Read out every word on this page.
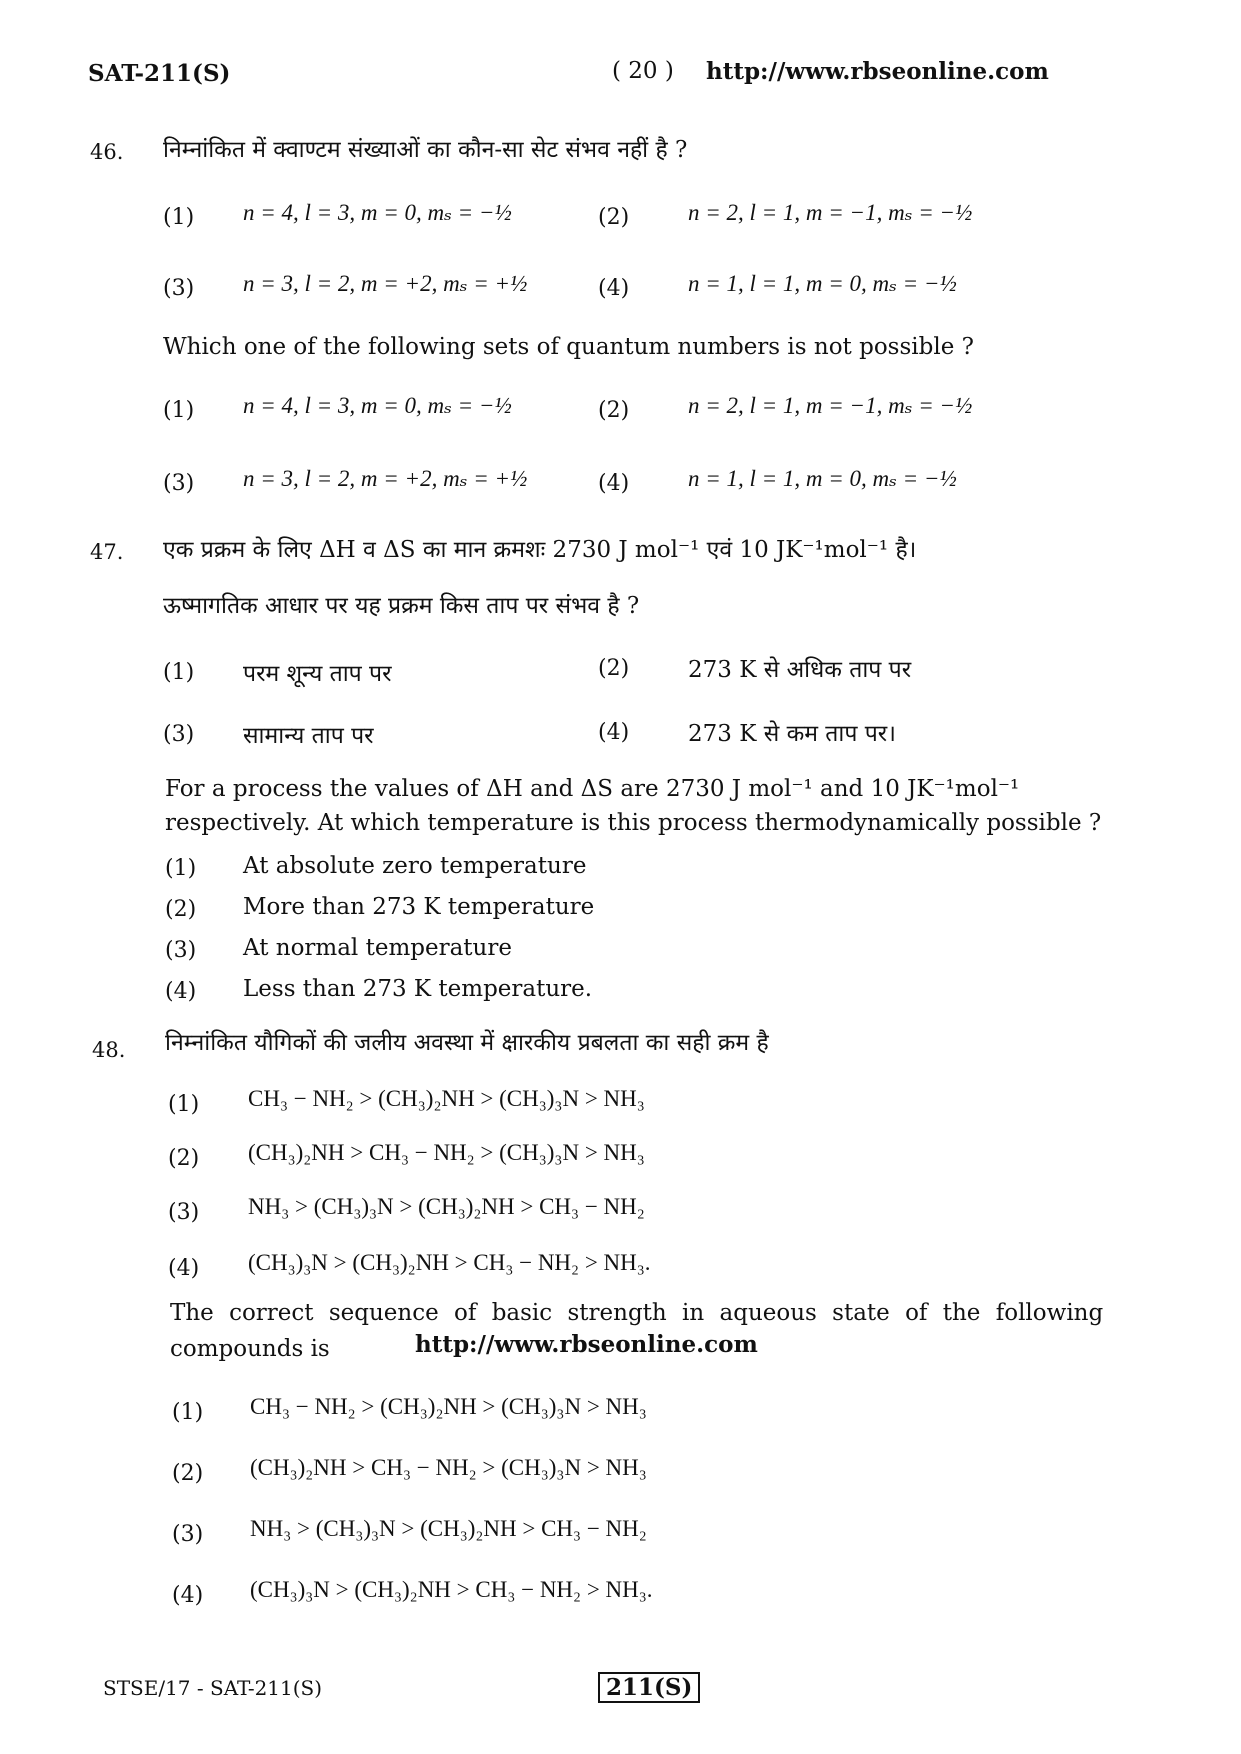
SAT-211(S)	( 20 ) http://www.rbseonline.com
46. निम्नांकित में क्वाण्टम संख्याओं का कौन-सा सेट संभव नहीं है ?
(1) n = 4, l = 3, m = 0, mₛ = −½	(2)	n = 2, l = 1, m = −1, mₛ = −½
(3) n = 3, l = 2, m = +2, mₛ = +½	(4)	n = 1, l = 1, m = 0, mₛ = −½
Which one of the following sets of quantum numbers is not possible ?
(1) n = 4, l = 3, m = 0, mₛ = −½	(2)	n = 2, l = 1, m = −1, mₛ = −½
(3) n = 3, l = 2, m = +2, mₛ = +½	(4)	n = 1, l = 1, m = 0, mₛ = −½
47. एक प्रक्रम के लिए ΔH व ΔS का मान क्रमशः 2730 J mol⁻¹ एवं 10 JK⁻¹mol⁻¹ है।
ऊष्मागतिक आधार पर यह प्रक्रम किस ताप पर संभव है ?
(1) परम शून्य ताप पर	(2)	273 K से अधिक ताप पर
(3) सामान्य ताप पर	(4)	273 K से कम ताप पर।
For a process the values of ΔH and ΔS are 2730 J mol⁻¹ and 10 JK⁻¹mol⁻¹
respectively. At which temperature is this process thermodynamically possible ?
(1) At absolute zero temperature
(2) More than 273 K temperature
(3) At normal temperature
(4) Less than 273 K temperature.
48. निम्नांकित यौगिकों की जलीय अवस्था में क्षारकीय प्रबलता का सही क्रम है
(1) CH₃ − NH₂ > (CH₃)₂NH > (CH₃)₃N > NH₃
(2) (CH₃)₂NH > CH₃ − NH₂ > (CH₃)₃N > NH₃
(3) NH₃ > (CH₃)₃N > (CH₃)₂NH > CH₃ − NH₂
(4) (CH₃)₃N > (CH₃)₂NH > CH₃ − NH₂ > NH₃.
The correct sequence of basic strength in aqueous state of the following
compounds is	http://www.rbseonline.com
(1) CH₃ − NH₂ > (CH₃)₂NH > (CH₃)₃N > NH₃
(2) (CH₃)₂NH > CH₃ − NH₂ > (CH₃)₃N > NH₃
(3) NH₃ > (CH₃)₃N > (CH₃)₂NH > CH₃ − NH₂
(4) (CH₃)₃N > (CH₃)₂NH > CH₃ − NH₂ > NH₃.
STSE/17 - SAT-211(S)	211(S)
